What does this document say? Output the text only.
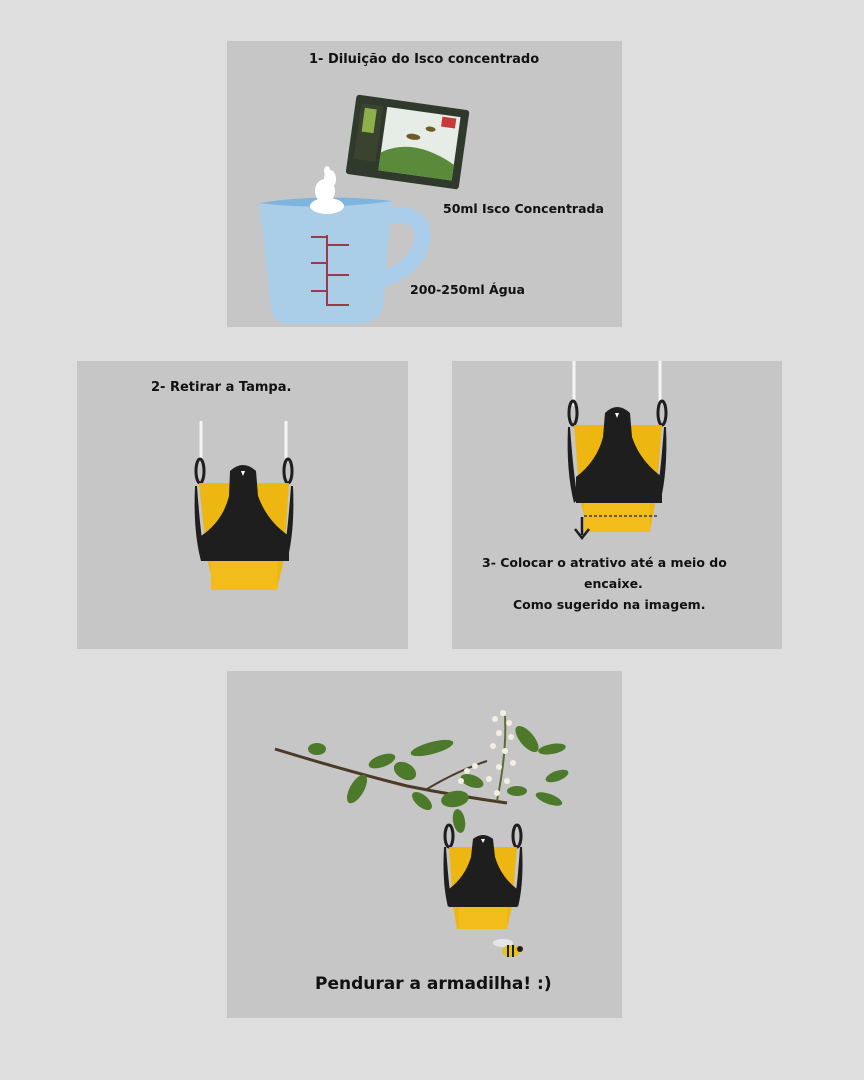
1- Diluição do Isco concentrado
50ml Isco Concentrada
200-250ml Água
2- Retirar a Tampa.
3- Colocar o atrativo até a meio do
encaixe.
Como sugerido na imagem.
Pendurar a armadilha! :)
